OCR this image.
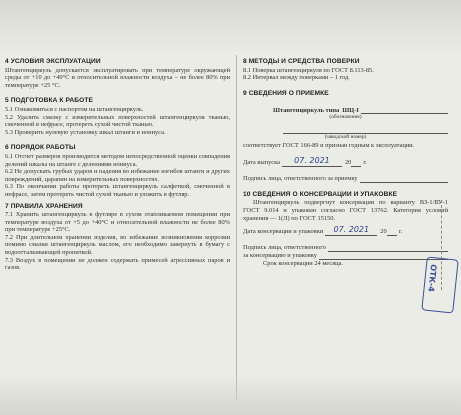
4 УСЛОВИЯ ЭКСПЛУАТАЦИИ

Штангенциркуль допускается эксплуатировать при температуре окружающей среды от +10 до +40°С и относительной влажности воздуха – не более 80% при температуре +25 °С.

5 ПОДГОТОВКА К РАБОТЕ

5.1 Ознакомиться с паспортом на штангенциркуль.

5.2 Удалить смазку с измерительных поверхностей штангенциркуля тканью, смоченной в нефрасе, протереть сухой чистой тканью.

5.3 Проверить нулевую установку шкал штанги и нониуса.

6 ПОРЯДОК РАБОТЫ

6.1 Отсчет размеров производится методом непосредственной оценки совпадения делений шкалы на штанге с делениями нониуса.

6.2 Не допускать грубых ударов и падения во избежание изгибов штанги и других повреждений, царапин на измерительных поверхностях.

6.3 По окончании работы протереть штангенциркуль салфеткой, смоченной в нефрасе, затем протереть чистой сухой тканью и уложить в футляр.

7 ПРАВИЛА ХРАНЕНИЯ

7.1 Хранить штангенциркуль в футляре в сухом отапливаемом помещении при температуре воздуха от +5 до +40°С и относительной влажности не более 80% при температуре +25°С.

7.2 При длительном хранении изделия, во избежание возникновения коррозии помимо смазки штангенциркуль маслом, его необходимо завернуть в бумагу с водоотталкивающей пропиткой.

7.3 Воздух в помещении не должен содержать примесей агрессивных паров и газов.

8 МЕТОДЫ И СРЕДСТВА ПОВЕРКИ

8.1 Поверка штангенциркуля по ГОСТ 8.113-85.

8.2 Интервал между поверками – 1 год.

9 СВЕДЕНИЯ О ПРИЕМКЕ
Штангенциркуль типа ШЦ-I
(обозначение)
(заводской номер)

соответствует ГОСТ 166-89 и признан годным к эксплуатации.

Дата выпуска	07. 2021	20 г.
Подпись лица, ответственного за приемку
10 СВЕДЕНИЯ О КОНСЕРВАЦИИ И УПАКОВКЕ

Штангенциркуль подвергнут консервации по варианту ВЗ-1/ВУ-1 ГОСТ 9.014 и упакован согласно ГОСТ 13762. Категория условий хранения — 1(Л) по ГОСТ 15150.

Дата консервации и упаковки	07. 2021	20 г.
Подпись лица, ответственного
за консервацию и упаковку

Срок консервации 24 месяца.

ОТК-4
